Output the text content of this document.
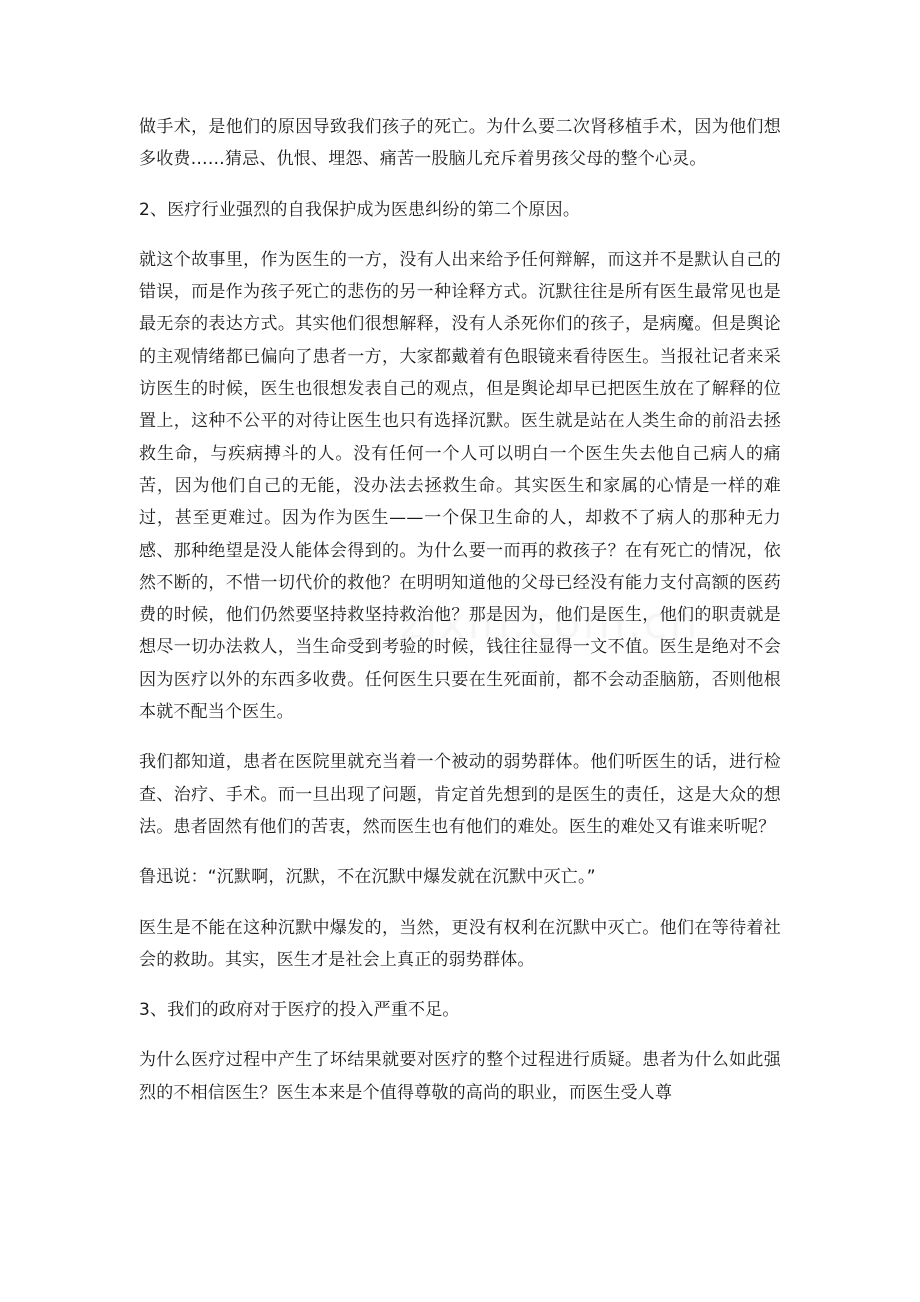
做手术，是他们的原因导致我们孩子的死亡。为什么要二次肾移植手术，因为他们想多收费……猜忌、仇恨、埋怨、痛苦一股脑儿充斥着男孩父母的整个心灵。

2、医疗行业强烈的自我保护成为医患纠纷的第二个原因。

就这个故事里，作为医生的一方，没有人出来给予任何辩解，而这并不是默认自己的错误，而是作为孩子死亡的悲伤的另一种诠释方式。沉默往往是所有医生最常见也是最无奈的表达方式。其实他们很想解释，没有人杀死你们的孩子，是病魔。但是舆论的主观情绪都已偏向了患者一方，大家都戴着有色眼镜来看待医生。当报社记者来采访医生的时候，医生也很想发表自己的观点，但是舆论却早已把医生放在了解释的位置上，这种不公平的对待让医生也只有选择沉默。医生就是站在人类生命的前沿去拯救生命，与疾病搏斗的人。没有任何一个人可以明白一个医生失去他自己病人的痛苦，因为他们自己的无能，没办法去拯救生命。其实医生和家属的心情是一样的难过，甚至更难过。因为作为医生——一个保卫生命的人，却救不了病人的那种无力感、那种绝望是没人能体会得到的。为什么要一而再的救孩子？在有死亡的情况，依然不断的，不惜一切代价的救他？在明明知道他的父母已经没有能力支付高额的医药费的时候，他们仍然要坚持救坚持救治他？那是因为，他们是医生，他们的职责就是想尽一切办法救人，当生命受到考验的时候，钱往往显得一文不值。医生是绝对不会因为医疗以外的东西多收费。任何医生只要在生死面前，都不会动歪脑筋，否则他根本就不配当个医生。

我们都知道，患者在医院里就充当着一个被动的弱势群体。他们听医生的话，进行检查、治疗、手术。而一旦出现了问题，肯定首先想到的是医生的责任，这是大众的想法。患者固然有他们的苦衷，然而医生也有他们的难处。医生的难处又有谁来听呢？

鲁迅说：“沉默啊，沉默，不在沉默中爆发就在沉默中灭亡。”

医生是不能在这种沉默中爆发的，当然，更没有权利在沉默中灭亡。他们在等待着社会的救助。其实，医生才是社会上真正的弱势群体。

3、我们的政府对于医疗的投入严重不足。

为什么医疗过程中产生了坏结果就要对医疗的整个过程进行质疑。患者为什么如此强烈的不相信医生？医生本来是个值得尊敬的高尚的职业，而医生受人尊
